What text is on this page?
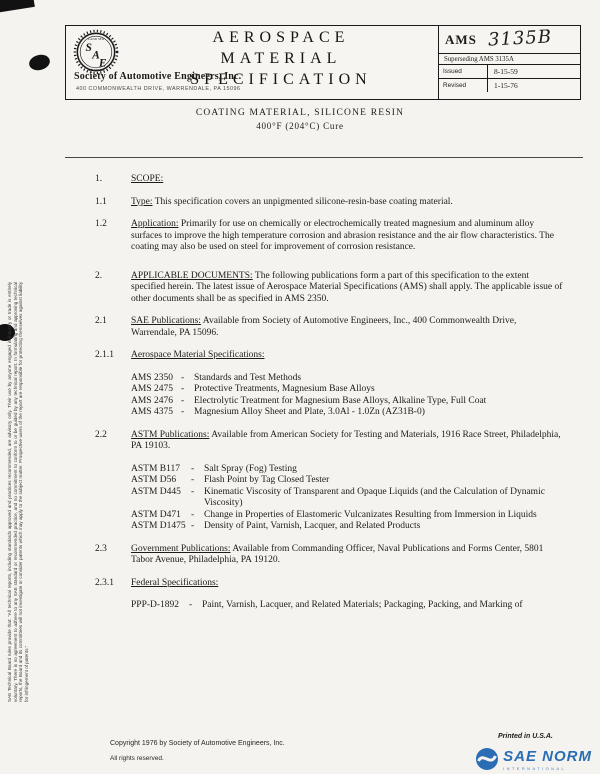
SAE Technical Board rules provide that: "All technical reports, including standards approved and practices recommended, are advisory only. Their use by anyone engaged in industry or trade is entirely voluntary. There is no agreement to adhere to any SAE standard or recommended practice, and no commitment to conform to or be guided by any technical report. In formulating and approving technical reports, the Board and its committees will not investigate or consider patents which may apply to the subject matter. Prospective users of the report are responsible for protecting themselves against liability for infringement of patents."
LAND SEA
S
A
E
AIR SPACE
AEROSPACE
MATERIAL
SPECIFICATION
Society of Automotive Engineers, Inc.
400 COMMONWEALTH DRIVE, WARRENDALE, PA 15096
AMS 3135B
Superseding AMS 3135A
Issued	8-15-59
Revised	1-15-76
COATING MATERIAL, SILICONE RESIN
400°F (204°C) Cure
1.	SCOPE:
1.1	Type: This specification covers an unpigmented silicone-resin-base coating material.
1.2	Application: Primarily for use on chemically or electrochemically treated magnesium and aluminum alloy surfaces to improve the high temperature corrosion and abrasion resistance and the air flow characteristics. The coating may also be used on steel for improvement of corrosion resistance.
2.	APPLICABLE DOCUMENTS: The following publications form a part of this specification to the extent specified herein. The latest issue of Aerospace Material Specifications (AMS) shall apply. The applicable issue of other documents shall be as specified in AMS 2350.
2.1	SAE Publications: Available from Society of Automotive Engineers, Inc., 400 Commonwealth Drive, Warrendale, PA 15096.
2.1.1 Aerospace Material Specifications:
AMS 2350 -	Standards and Test Methods
AMS 2475 -	Protective Treatments, Magnesium Base Alloys
AMS 2476 -	Electrolytic Treatment for Magnesium Base Alloys, Alkaline Type, Full Coat
AMS 4375 -	Magnesium Alloy Sheet and Plate, 3.0Al - 1.0Zn (AZ31B-0)
2.2	ASTM Publications: Available from American Society for Testing and Materials, 1916 Race Street, Philadelphia, PA 19103.
ASTM B117	-	Salt Spray (Fog) Testing
ASTM D56	-	Flash Point by Tag Closed Tester
ASTM D445	-	Kinematic Viscosity of Transparent and Opaque Liquids (and the Calculation of Dynamic Viscosity)
ASTM D471	-	Change in Properties of Elastomeric Vulcanizates Resulting from Immersion in Liquids
ASTM D1475 -	Density of Paint, Varnish, Lacquer, and Related Products
2.3	Government Publications: Available from Commanding Officer, Naval Publications and Forms Center, 5801 Tabor Avenue, Philadelphia, PA 19120.
2.3.1 Federal Specifications:
PPP-D-1892	-	Paint, Varnish, Lacquer, and Related Materials; Packaging, Packing, and Marking of
Copyright 1976 by Society of Automotive Engineers, Inc.
All rights reserved.
Printed in U.S.A.
SAE NORM
INTERNATIONAL
